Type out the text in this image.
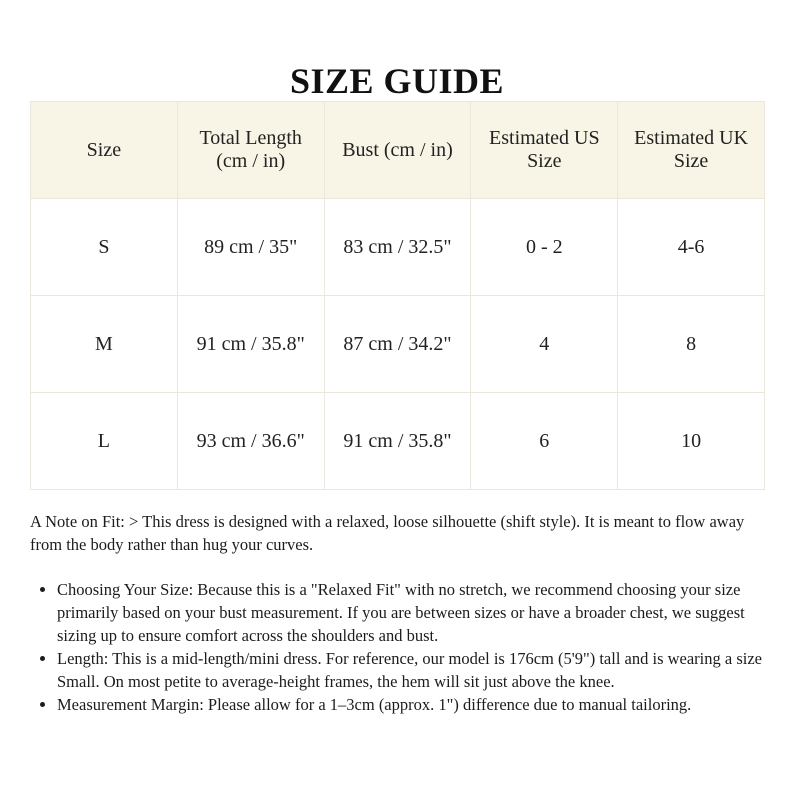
SIZE GUIDE
Size	Total Length (cm / in)	Bust (cm / in)	Estimated US Size	Estimated UK Size
S	89 cm / 35"	83 cm / 32.5"	0 - 2	4-6
M	91 cm / 35.8"	87 cm / 34.2"	4	8
L	93 cm / 36.6"	91 cm / 35.8"	6	10

A Note on Fit: > This dress is designed with a relaxed, loose silhouette (shift style). It is meant to flow away from the body rather than hug your curves.

• Choosing Your Size: Because this is a "Relaxed Fit" with no stretch, we recommend choosing your size primarily based on your bust measurement. If you are between sizes or have a broader chest, we suggest sizing up to ensure comfort across the shoulders and bust.
• Length: This is a mid-length/mini dress. For reference, our model is 176cm (5'9") tall and is wearing a size Small. On most petite to average-height frames, the hem will sit just above the knee.
• Measurement Margin: Please allow for a 1–3cm (approx. 1") difference due to manual tailoring.
